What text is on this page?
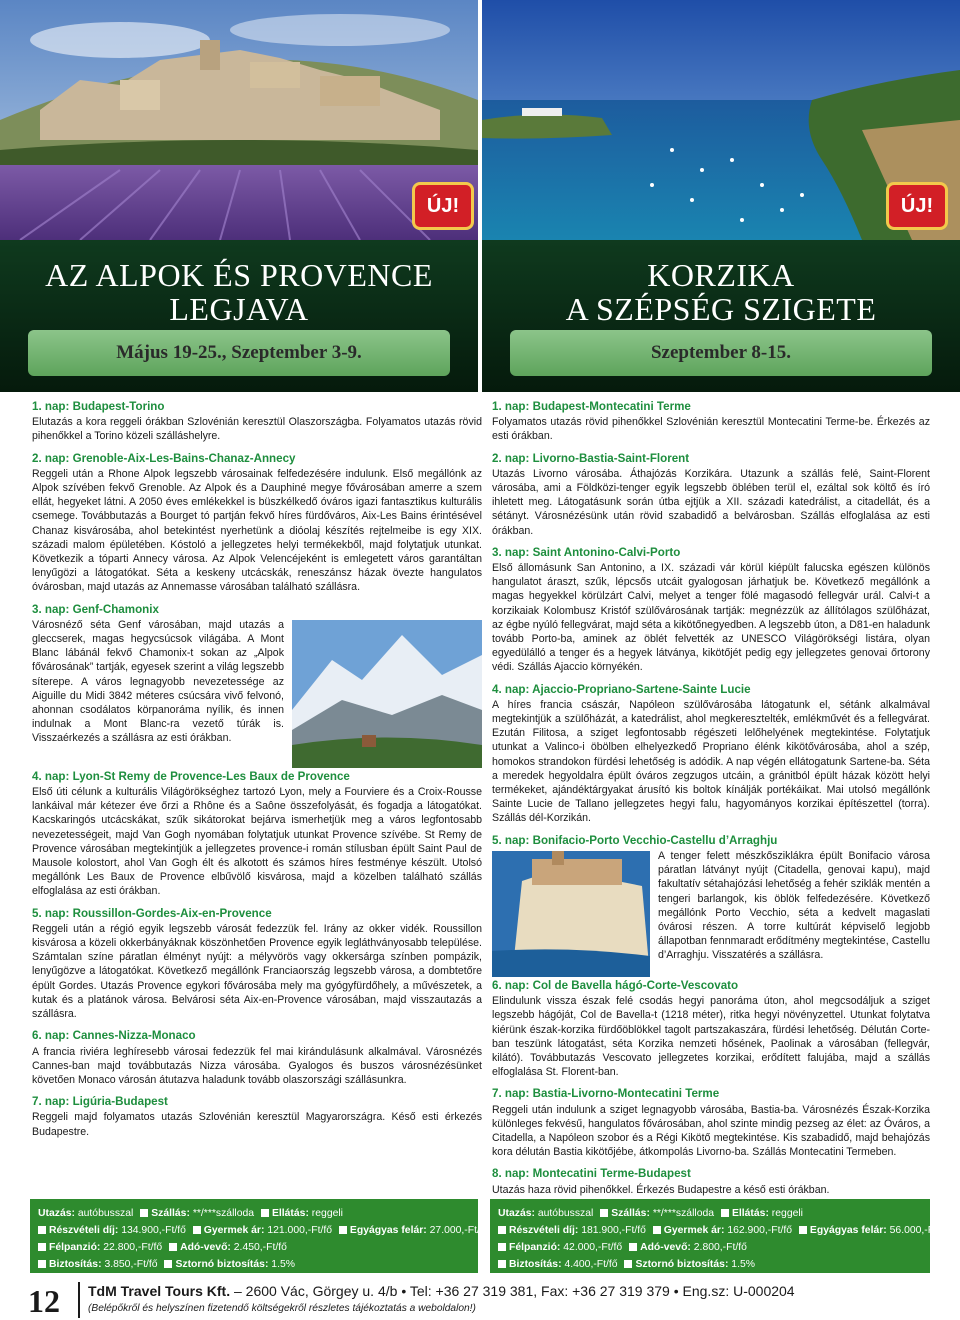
ÚJ!
AZ ALPOK ÉS PROVENCE
LEGJAVA
Május 19-25., Szeptember 3-9.
ÚJ!
KORZIKA
A SZÉPSÉG SZIGETE
Szeptember 8-15.
1. nap: Budapest-Torino

Elutazás a kora reggeli órákban Szlovénián keresztül Olaszországba. Folyamatos utazás rövid pihenőkkel a Torino közeli szálláshelyre.

2. nap: Grenoble-Aix-Les-Bains-Chanaz-Annecy

Reggeli után a Rhone Alpok legszebb városainak felfedezésére indulunk. Első megállónk az Alpok szívében fekvő Grenoble. Az Alpok és a Dauphiné megye fővárosában amerre a szem ellát, hegyeket látni. A 2050 éves emlékekkel is büszkélkedő óváros igazi fantasztikus kulturális csemege. Továbbutazás a Bourget tó partján fekvő híres fürdőváros, Aix-Les Bains érintésével Chanaz kisvárosába, ahol betekintést nyerhetünk a dióolaj készítés rejtelmeibe is egy XIX. századi malom épületében. Kóstoló a jellegzetes helyi termékekből, majd folytatjuk utunkat. Következik a tóparti Annecy városa. Az Alpok Velencéjeként is emlegetett város garantáltan lenyűgözi a látogatókat. Séta a keskeny utcácskák, reneszánsz házak övezte hangulatos óvárosban, majd utazás az Annemasse városában található szállásra.

3. nap: Genf-Chamonix

Városnéző séta Genf városában, majd utazás a gleccserek, magas hegycsúcsok világába. A Mont Blanc lábánál fekvő Chamonix-t sokan az „Alpok fővárosának” tartják, egyesek szerint a világ legszebb síterepe. A város legnagyobb nevezetessége az Aiguille du Midi 3842 méteres csúcsára vivő felvonó, ahonnan csodálatos körpanoráma nyílik, és innen indulnak a Mont Blanc-ra vezető túrák is. Visszaérkezés a szállásra az esti órákban.

4. nap: Lyon-St Remy de Provence-Les Baux de Provence

Első úti célunk a kulturális Világörökséghez tartozó Lyon, mely a Fourviere és a Croix-Rousse lankáival már kétezer éve őrzi a Rhône és a Saône összefolyását, és fogadja a látogatókat. Kacskaringós utcácskákat, szűk sikátorokat bejárva ismerhetjük meg a város legfontosabb nevezetességeit, majd Van Gogh nyomában folytatjuk utunkat Provence szívébe. St Remy de Provence városában megtekintjük a jellegzetes provence-i román stílusban épült Saint Paul de Mausole kolostort, ahol Van Gogh élt és alkotott és számos híres festménye készült. Utolsó megállónk Les Baux de Provence elbűvölő kisvárosa, majd a közelben található szállás elfoglalása az esti órákban.

5. nap: Roussillon-Gordes-Aix-en-Provence

Reggeli után a régió egyik legszebb városát fedezzük fel. Irány az okker vidék. Roussillon kisvárosa a közeli okkerbányáknak köszönhetően Provence egyik legláthványosabb települése. Számtalan színe páratlan élményt nyújt: a mélyvörös vagy okkersárga színben pompázik, lenyűgözve a látogatókat. Következő megállónk Franciaország legszebb városa, a dombtetőre épült Gordes. Utazás Provence egykori fővárosába mely ma gyógyfürdőhely, a művészetek, a kutak és a platánok városa. Belvárosi séta Aix-en-Provence városában, majd visszautazás a szállásra.

6. nap: Cannes-Nizza-Monaco

A francia riviéra leghíresebb városai fedezzük fel mai kirándulásunk alkalmával. Városnézés Cannes-ban majd továbbutazás Nizza városába. Gyalogos és buszos városnézésünket követően Monaco városán átutazva haladunk tovább olaszországi szállásunkra.

7. nap: Ligúria-Budapest

Reggeli majd folyamatos utazás Szlovénián keresztül Magyarországra. Késő esti érkezés Budapestre.

1. nap: Budapest-Montecatini Terme

Folyamatos utazás rövid pihenőkkel Szlovénián keresztül Montecatini Terme-be. Érkezés az esti órákban.

2. nap: Livorno-Bastia-Saint-Florent

Utazás Livorno városába. Áthajózás Korzikára. Utazunk a szállás felé, Saint-Florent városába, ami a Földközi-tenger egyik legszebb öblében terül el, ezáltal sok költő és író ihletett meg. Látogatásunk során útba ejtjük a XII. századi katedrálist, a citadellát, és a sétányt. Városnézésünk után rövid szabadidő a belvárosban. Szállás elfoglalása az esti órákban.

3. nap: Saint Antonino-Calvi-Porto

Első állomásunk San Antonino, a IX. századi vár körül kiépült falucska egészen különös hangulatot áraszt, szűk, lépcsős utcáit gyalogosan járhatjuk be. Következő megállónk a magas hegyekkel körülzárt Calvi, melyet a tenger fölé magasodó fellegvár urál. Calvi-t a korzikaiak Kolombusz Kristóf szülővárosának tartják: megnézzük az állítólagos szülőházat, az égbe nyúló fellegvárat, majd séta a kikötőnegyedben. A legszebb úton, a D81-en haladunk tovább Porto-ba, aminek az öblét felvették az UNESCO Világörökségi listára, olyan egyedülálló a tenger és a hegyek látványa, kikötőjét pedig egy jellegzetes genovai őrtorony védi. Szállás Ajaccio környékén.

4. nap: Ajaccio-Propriano-Sartene-Sainte Lucie

A híres francia császár, Napóleon szülővárosába látogatunk el, sétánk alkalmával megtekintjük a szülőházát, a katedrálist, ahol megkeresztelték, emlékművét és a fellegvárat. Ezután Filitosa, a sziget legfontosabb régészeti lelőhelyének megtekintése. Folytatjuk utunkat a Valinco-i öbölben elhelyezkedő Propriano élénk kikötővárosába, ahol a szép, homokos strandokon fürdési lehetőség is adódik. A nap végén ellátogatunk Sartene-ba. Séta a meredek hegyoldalra épült óváros zegzugos utcáin, a gránitból épült házak között helyi termékeket, ajándéktárgyakat árusító kis boltok kínálják portékáikat. Mai utolsó megállónk Sainte Lucie de Tallano jellegzetes hegyi falu, hagyományos korzikai építészettel (torra). Szállás dél-Korzikán.

5. nap: Bonifacio-Porto Vecchio-Castellu d’Arraghju

A tenger felett mészkősziklákra épült Bonifacio városa páratlan látványt nyújt (Citadella, genovai kapu), majd fakultatív sétahajózási lehetőség a fehér sziklák mentén a tengeri barlangok, kis öblök felfedezésére. Következő megállónk Porto Vecchio, séta a kedvelt magaslati óvárosi részen. A torre kultúrát képviselő legjobb állapotban fennmaradt erődítmény megtekintése, Castellu d’Arraghju. Visszatérés a szállásra.

6. nap: Col de Bavella hágó-Corte-Vescovato

Elindulunk vissza észak felé csodás hegyi panoráma úton, ahol megcsodáljuk a sziget legszebb hágóját, Col de Bavella-t (1218 méter), ritka hegyi növényzettel. Utunkat folytatva kiérünk észak-korzika fürdőöblökkel tagolt partszakaszára, fürdési lehetőség. Délután Corte-ban teszünk látogatást, séta Korzika nemzeti hősének, Paolinak a városában (fellegvár, kilátó). Továbbutazás Vescovato jellegzetes korzikai, erődített falujába, majd a szállás elfoglalása St. Florent-ban.

7. nap: Bastia-Livorno-Montecatini Terme

Reggeli után indulunk a sziget legnagyobb városába, Bastia-ba. Városnézés Észak-Korzika különleges fekvésű, hangulatos fővárosában, ahol szinte mindig pezseg az élet: az Óváros, a Citadella, a Napóleon szobor és a Régi Kikötő megtekintése. Kis szabadidő, majd behajózás kora délután Bastia kikötőjébe, átkompolás Livorno-ba. Szállás Montecatini Termeben.

8. nap: Montecatini Terme-Budapest

Utazás haza rövid pihenőkkel. Érkezés Budapestre a késő esti órákban.

Utazás: autóbusszal Szállás: **/***szálloda Ellátás: reggeli
Részvételi díj: 134.900,-Ft/fő Gyermek ár: 121.000,-Ft/fő Egyágyas felár: 27.000,-Ft/fő
Félpanzió: 22.800,-Ft/fő Adó-vevő: 2.450,-Ft/fő
Biztosítás: 3.850,-Ft/fő Sztornó biztosítás: 1.5%
Utazás: autóbusszal Szállás: **/***szálloda Ellátás: reggeli
Részvételi díj: 181.900,-Ft/fő Gyermek ár: 162.900,-Ft/fő Egyágyas felár: 56.000,-Ft/fő
Félpanzió: 42.000,-Ft/fő Adó-vevő: 2.800,-Ft/fő
Biztosítás: 4.400,-Ft/fő Sztornó biztosítás: 1.5%
12 TdM Travel Tours Kft. – 2600 Vác, Görgey u. 4/b • Tel: +36 27 319 381, Fax: +36 27 319 379 • Eng.sz: U-000204
(Belépőkről és helyszínen fizetendő költségekről részletes tájékoztatás a weboldalon!)
